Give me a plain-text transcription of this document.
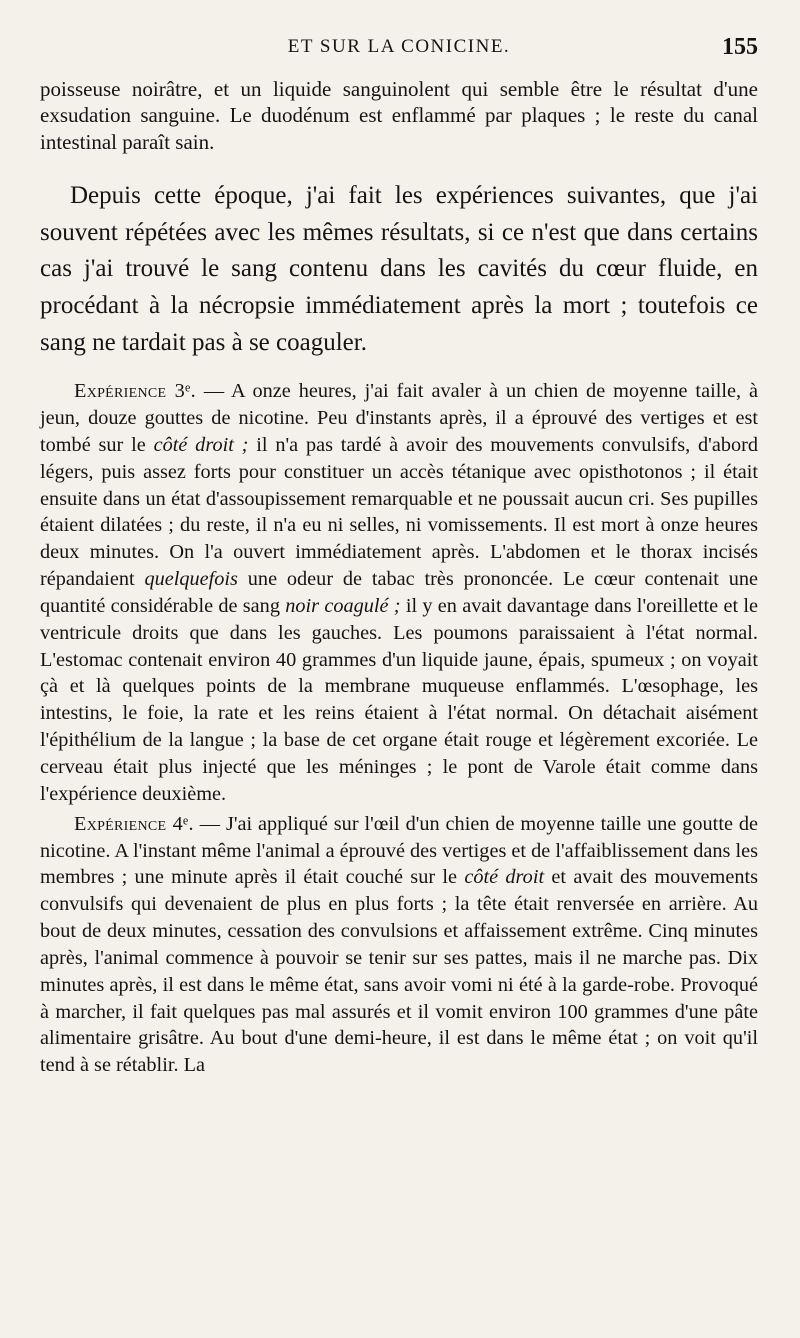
ET SUR LA CONICINE.	155

poisseuse noirâtre, et un liquide sanguinolent qui semble être le résultat d'une exsudation sanguine. Le duodénum est enflammé par plaques ; le reste du canal intestinal paraît sain.

Depuis cette époque, j'ai fait les expériences suivantes, que j'ai souvent répétées avec les mêmes résultats, si ce n'est que dans certains cas j'ai trouvé le sang contenu dans les cavités du cœur fluide, en procédant à la nécropsie immédiatement après la mort ; toutefois ce sang ne tardait pas à se coaguler.

Expérience 3ᵉ. — A onze heures, j'ai fait avaler à un chien de moyenne taille, à jeun, douze gouttes de nicotine. Peu d'instants après, il a éprouvé des vertiges et est tombé sur le côté droit ; il n'a pas tardé à avoir des mouvements convulsifs, d'abord légers, puis assez forts pour constituer un accès tétanique avec opisthotonos ; il était ensuite dans un état d'assoupissement remarquable et ne poussait aucun cri. Ses pupilles étaient dilatées ; du reste, il n'a eu ni selles, ni vomissements. Il est mort à onze heures deux minutes. On l'a ouvert immédiatement après. L'abdomen et le thorax incisés répandaient quelquefois une odeur de tabac très prononcée. Le cœur contenait une quantité considérable de sang noir coagulé ; il y en avait davantage dans l'oreillette et le ventricule droits que dans les gauches. Les poumons paraissaient à l'état normal. L'estomac contenait environ 40 grammes d'un liquide jaune, épais, spumeux ; on voyait çà et là quelques points de la membrane muqueuse enflammés. L'œsophage, les intestins, le foie, la rate et les reins étaient à l'état normal. On détachait aisément l'épithélium de la langue ; la base de cet organe était rouge et légèrement excoriée. Le cerveau était plus injecté que les méninges ; le pont de Varole était comme dans l'expérience deuxième.

Expérience 4ᵉ. — J'ai appliqué sur l'œil d'un chien de moyenne taille une goutte de nicotine. A l'instant même l'animal a éprouvé des vertiges et de l'affaiblissement dans les membres ; une minute après il était couché sur le côté droit et avait des mouvements convulsifs qui devenaient de plus en plus forts ; la tête était renversée en arrière. Au bout de deux minutes, cessation des convulsions et affaissement extrême. Cinq minutes après, l'animal commence à pouvoir se tenir sur ses pattes, mais il ne marche pas. Dix minutes après, il est dans le même état, sans avoir vomi ni été à la garde-robe. Provoqué à marcher, il fait quelques pas mal assurés et il vomit environ 100 grammes d'une pâte alimentaire grisâtre. Au bout d'une demi-heure, il est dans le même état ; on voit qu'il tend à se rétablir. La
